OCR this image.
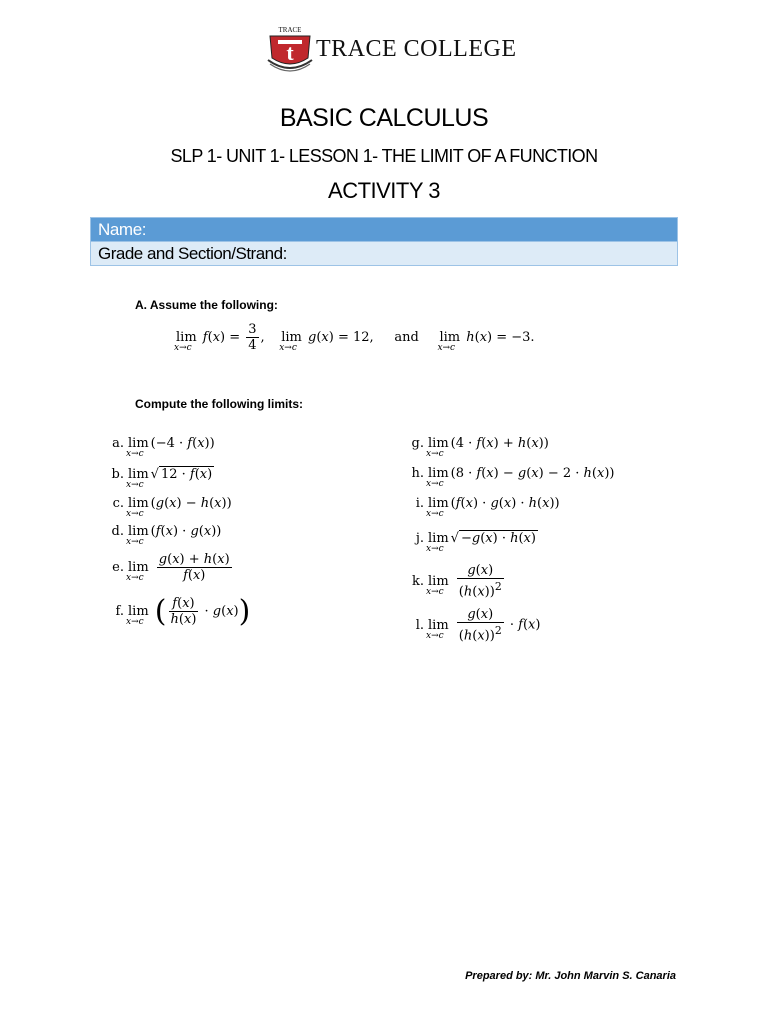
TRACE
t TRACE COLLEGE
BASIC CALCULUS
SLP 1- UNIT 1- LESSON 1- THE LIMIT OF A FUNCTION
ACTIVITY 3
Name:
Grade and Section/Strand:
A. Assume the following:
lim
x→c
$f(x) = \frac{3}{4}$ ,    lim
x→c
g(x) = 12,     and     lim
x→c
h(x) = −3.
Compute the following limits:
a. lim
x→c
(−4 · f(x))
b. lim
x→c
√ 12 · f(x)
c. lim
x→c
(g(x) − h(x))
d. lim
x→c
(f(x) · g(x))
e. lim
x→c
$\frac{g(x) + h(x)}{f(x)}$
f. lim
x→c ( $\frac{f(x)}{h(x)} \cdot g(x)$)
g. lim
x→c
(4 · f(x) + h(x))
h. lim
x→c
(8 · f(x) − g(x) − 2 · h(x))
i. lim
x→c
(f(x) · g(x) · h(x))
j. lim
x→c
√ −g(x) · h(x)
k. lim
x→c
$\frac{g(x)}{(h(x))^2}$
l. lim
x→c
$\frac{g(x)}{(h(x))^2} \cdot f(x)$
Prepared by: Mr. John Marvin S. Canaria
